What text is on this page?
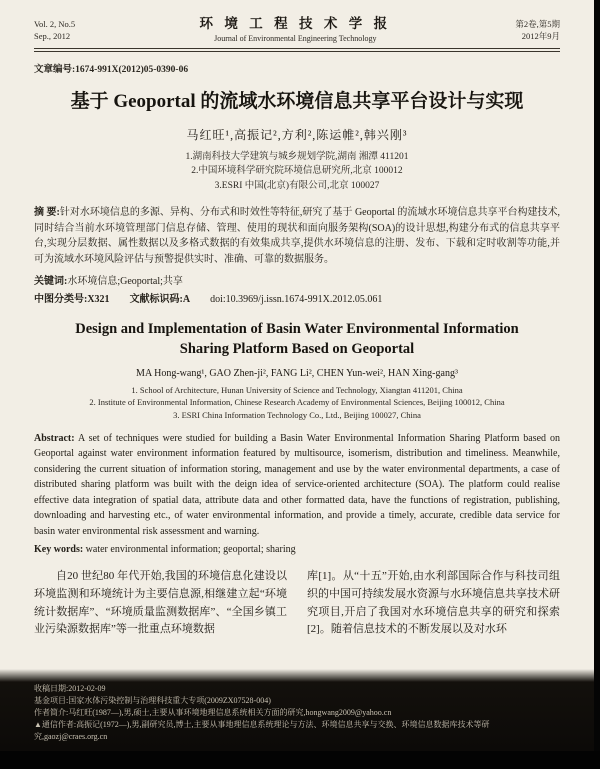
Vol. 2, No.5
Sep., 2012
环 境 工 程 技 术 学 报
Journal of Environmental Engineering Technology
第2卷,第5期
2012年9月
文章编号:1674-991X(2012)05-0390-06
基于 Geoportal 的流域水环境信息共享平台设计与实现
马红旺¹,高振记²,方利²,陈运帷²,韩兴刚³
1.湖南科技大学建筑与城乡规划学院,湖南 湘潭 411201
2.中国环境科学研究院环境信息研究所,北京 100012
3.ESRI 中国(北京)有限公司,北京 100027

摘 要:针对水环境信息的多源、异构、分布式和时效性等特征,研究了基于 Geoportal 的流域水环境信息共享平台构建技术,同时结合当前水环境管理部门信息存储、管理、使用的现状和面向服务架构(SOA)的设计思想,构建分布式的信息共享平台,实现分层数据、属性数据以及多格式数据的有效集成共享,提供水环境信息的注册、发布、下载和定时收割等功能,并可为流域水环境风险评估与预警提供实时、准确、可靠的数据服务。

关键词:水环境信息;Geoportal;共享

中图分类号:X321 文献标识码:A doi:10.3969/j.issn.1674-991X.2012.05.061

Design and Implementation of Basin Water Environmental Information
Sharing Platform Based on Geoportal
MA Hong-wang¹, GAO Zhen-ji², FANG Li², CHEN Yun-wei², HAN Xing-gang³
1. School of Architecture, Hunan University of Science and Technology, Xiangtan 411201, China
2. Institute of Environmental Information, Chinese Research Academy of Environmental Sciences, Beijing 100012, China
3. ESRI China Information Technology Co., Ltd., Beijing 100027, China

Abstract: A set of techniques were studied for building a Basin Water Environmental Information Sharing Platform based on Geoportal against water environment information featured by multisource, isomerism, distribution and timeliness. Meanwhile, considering the current situation of information storing, management and use by the water environmental departments, a case of distributed sharing platform was built with the deign idea of service-oriented architecture (SOA). The platform could realise effective data integration of spatial data, attribute data and other formatted data, have the functions of registration, publishing, downloading and harvesting etc., of water environmental information, and provide a timely, accurate, credible data service for basin water environmental risk assessment and warning.

Key words: water environmental information; geoportal; sharing

自20 世纪80 年代开始,我国的环境信息化建设以环境监测和环境统计为主要信息源,相继建立起“环境统计数据库”、“环境质量监测数据库”、“全国乡镇工业污染源数据库”等一批重点环境数据

库[1]。从“十五”开始,由水利部国际合作与科技司组织的中国可持续发展水资源与水环境信息共享技术研究项目,开启了我国对水环境信息共享的研究和探索[2]。随着信息技术的不断发展以及对水环

收稿日期:2012-02-09
基金项目:国家水体污染控制与治理科技重大专项(2009ZX07528-004)
作者简介:马红旺(1987—),男,硕士,主要从事环境地理信息系统相关方面的研究,hongwang2009@yahoo.cn
▲通信作者:高振记(1972—),男,副研究员,博士,主要从事地理信息系统理论与方法、环境信息共享与交换、环境信息数据库技术等研究,gaozj@craes.org.cn
